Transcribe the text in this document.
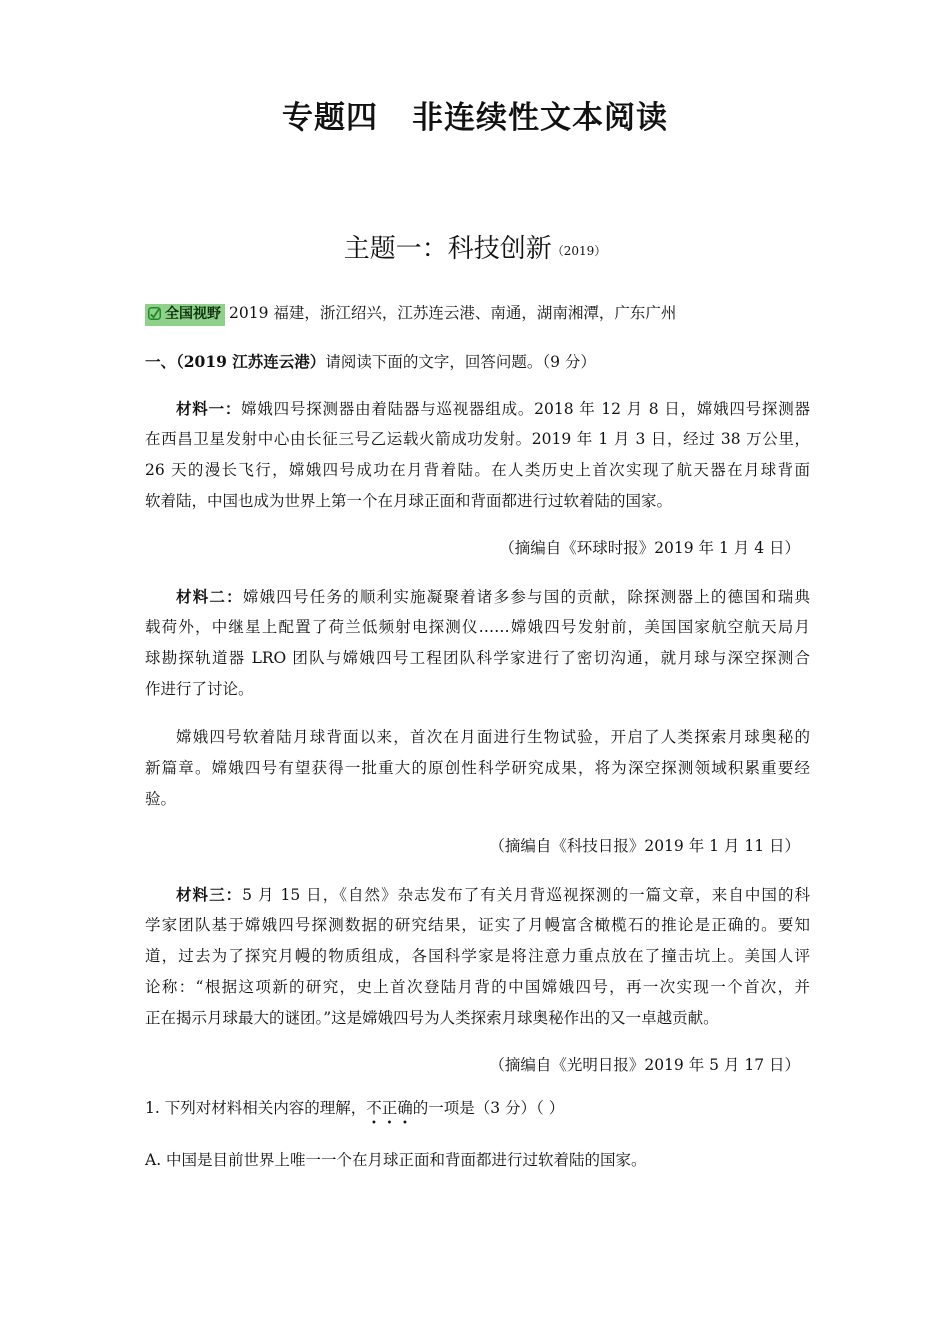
专题四 非连续性文本阅读
主题一：科技创新（2019）
全国视野 2019 福建，浙江绍兴，江苏连云港、南通，湖南湘潭，广东广州
一、（2019 江苏连云港）请阅读下面的文字，回答问题。（9 分）
材料一：嫦娥四号探测器由着陆器与巡视器组成。2018 年 12 月 8 日，嫦娥四号探测器
在西昌卫星发射中心由长征三号乙运载火箭成功发射。2019 年 1 月 3 日，经过 38 万公里，
26 天的漫长飞行，嫦娥四号成功在月背着陆。在人类历史上首次实现了航天器在月球背面
软着陆，中国也成为世界上第一个在月球正面和背面都进行过软着陆的国家。
（摘编自《环球时报》2019 年 1 月 4 日）
材料二：嫦娥四号任务的顺利实施凝聚着诸多参与国的贡献，除探测器上的德国和瑞典
载荷外，中继星上配置了荷兰低频射电探测仪……嫦娥四号发射前，美国国家航空航天局月
球勘探轨道器 LRO 团队与嫦娥四号工程团队科学家进行了密切沟通，就月球与深空探测合
作进行了讨论。
嫦娥四号软着陆月球背面以来，首次在月面进行生物试验，开启了人类探索月球奥秘的
新篇章。嫦娥四号有望获得一批重大的原创性科学研究成果，将为深空探测领域积累重要经
验。
（摘编自《科技日报》2019 年 1 月 11 日）
材料三：5 月 15 日，《自然》杂志发布了有关月背巡视探测的一篇文章，来自中国的科
学家团队基于嫦娥四号探测数据的研究结果，证实了月幔富含橄榄石的推论是正确的。要知
道，过去为了探究月幔的物质组成，各国科学家是将注意力重点放在了撞击坑上。美国人评
论称：“根据这项新的研究，史上首次登陆月背的中国嫦娥四号，再一次实现一个首次，并
正在揭示月球最大的谜团。”这是嫦娥四号为人类探索月球奥秘作出的又一卓越贡献。
（摘编自《光明日报》2019 年 5 月 17 日）
1. 下列对材料相关内容的理解，不
•
正
•
确
•
的一项是（3 分）（ ）
A. 中国是目前世界上唯一一个在月球正面和背面都进行过软着陆的国家。
